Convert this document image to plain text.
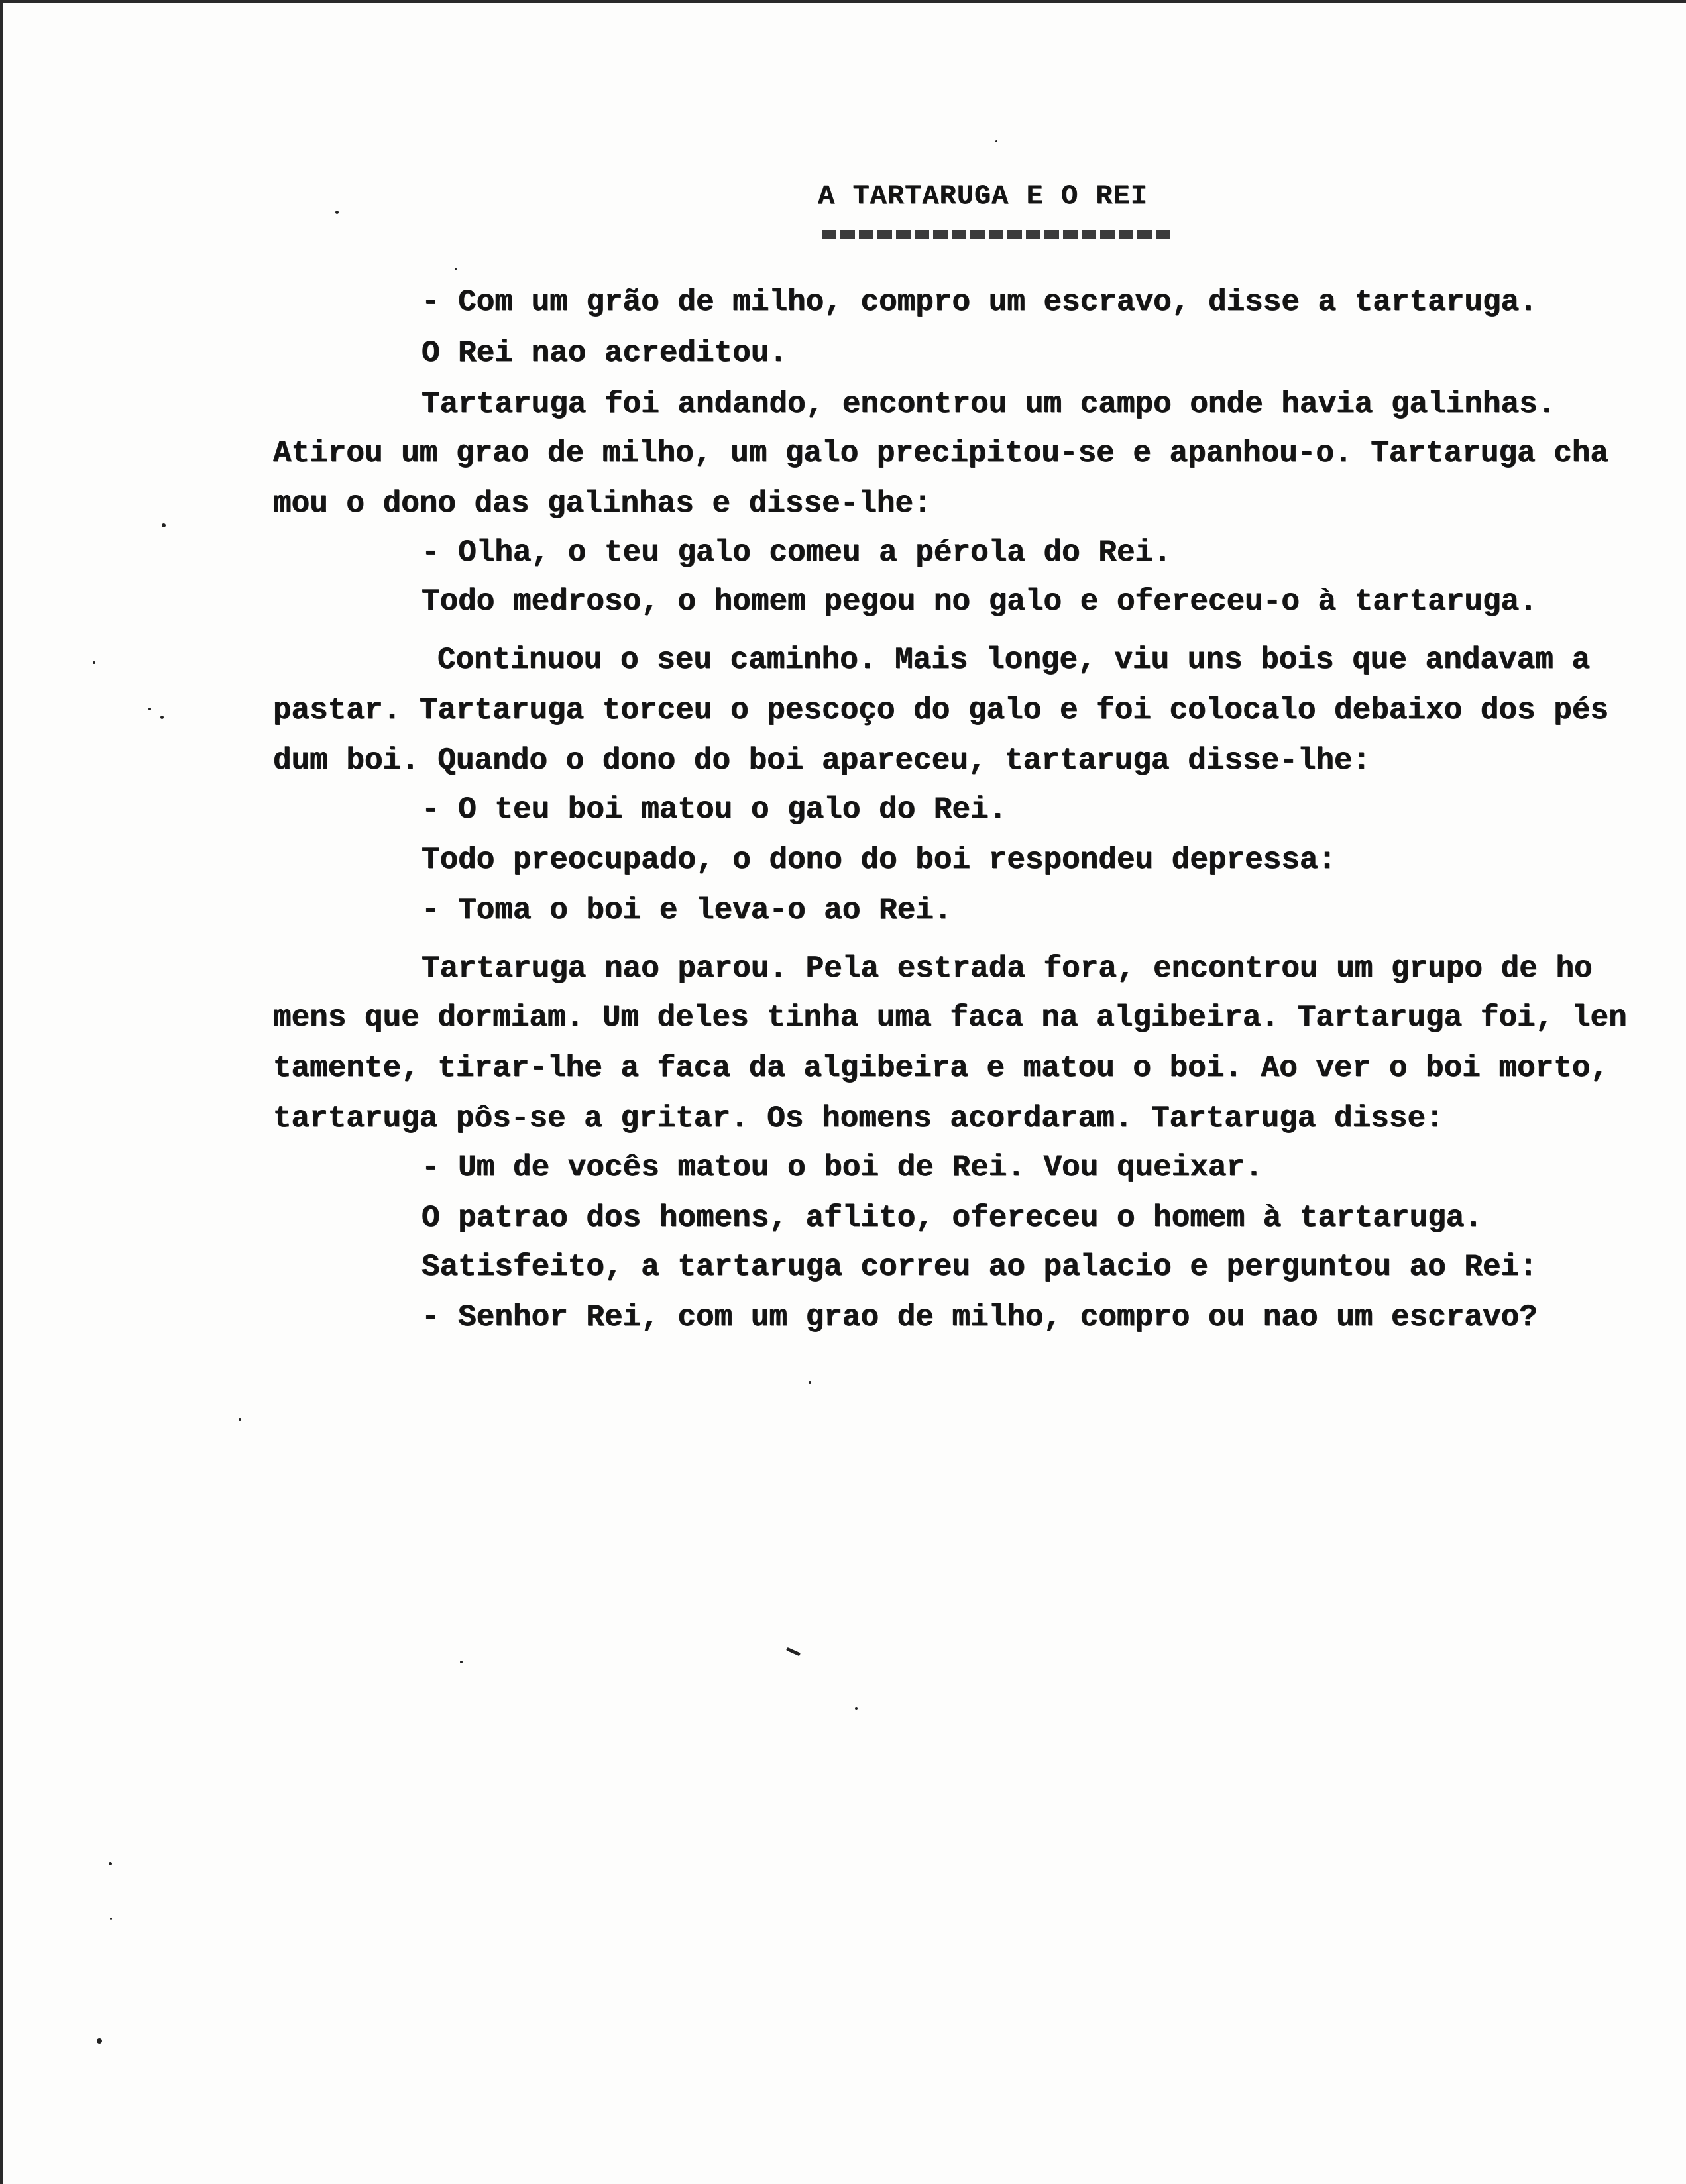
A TARTARUGA E O REI
- Com um grão de milho, compro um escravo, disse a tartaruga.
O Rei nao acreditou.
Tartaruga foi andando, encontrou um campo onde havia galinhas.
Atirou um grao de milho, um galo precipitou-se e apanhou-o. Tartaruga cha
mou o dono das galinhas e disse-lhe:
- Olha, o teu galo comeu a pérola do Rei.
Todo medroso, o homem pegou no galo e ofereceu-o à tartaruga.
Continuou o seu caminho. Mais longe, viu uns bois que andavam a
pastar. Tartaruga torceu o pescoço do galo e foi colocalo debaixo dos pés
dum boi. Quando o dono do boi apareceu, tartaruga disse-lhe:
- O teu boi matou o galo do Rei.
Todo preocupado, o dono do boi respondeu depressa:
- Toma o boi e leva-o ao Rei.
Tartaruga nao parou. Pela estrada fora, encontrou um grupo de ho
mens que dormiam. Um deles tinha uma faca na algibeira. Tartaruga foi, len
tamente, tirar-lhe a faca da algibeira e matou o boi. Ao ver o boi morto,
tartaruga pôs-se a gritar. Os homens acordaram. Tartaruga disse:
- Um de vocês matou o boi de Rei. Vou queixar.
O patrao dos homens, aflito, ofereceu o homem à tartaruga.
Satisfeito, a tartaruga correu ao palacio e perguntou ao Rei:
- Senhor Rei, com um grao de milho, compro ou nao um escravo?
